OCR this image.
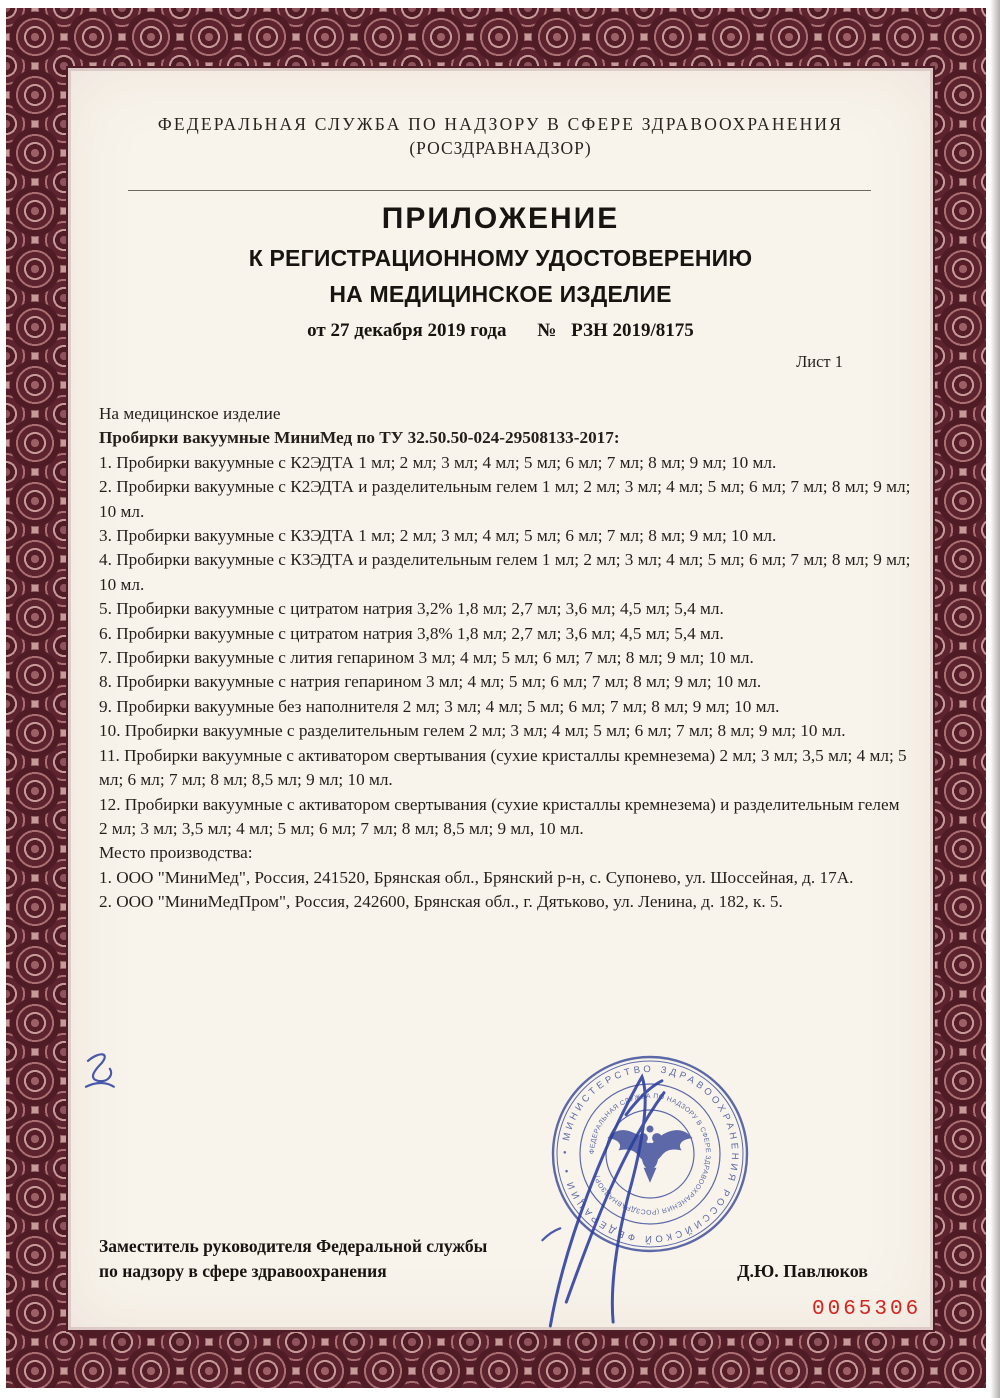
ФЕДЕРАЛЬНАЯ СЛУЖБА ПО НАДЗОРУ В СФЕРЕ ЗДРАВООХРАНЕНИЯ
(РОСЗДРАВНАДЗОР)
ПРИЛОЖЕНИЕ
К РЕГИСТРАЦИОННОМУ УДОСТОВЕРЕНИЮ
НА МЕДИЦИНСКОЕ ИЗДЕЛИЕ
от 27 декабря 2019 года № РЗН 2019/8175
Лист 1

На медицинское изделие

Пробирки вакуумные МиниМед по ТУ 32.50.50-024-29508133-2017:

1. Пробирки вакуумные с К2ЭДТА 1 мл; 2 мл; 3 мл; 4 мл; 5 мл; 6 мл; 7 мл; 8 мл; 9 мл; 10 мл.

2. Пробирки вакуумные с К2ЭДТА и разделительным гелем 1 мл; 2 мл; 3 мл; 4 мл; 5 мл; 6 мл; 7 мл; 8 мл; 9 мл; 10 мл.

3. Пробирки вакуумные с КЗЭДТА 1 мл; 2 мл; 3 мл; 4 мл; 5 мл; 6 мл; 7 мл; 8 мл; 9 мл; 10 мл.

4. Пробирки вакуумные с КЗЭДТА и разделительным гелем 1 мл; 2 мл; 3 мл; 4 мл; 5 мл; 6 мл; 7 мл; 8 мл; 9 мл; 10 мл.

5. Пробирки вакуумные с цитратом натрия 3,2% 1,8 мл; 2,7 мл; 3,6 мл; 4,5 мл; 5,4 мл.

6. Пробирки вакуумные с цитратом натрия 3,8% 1,8 мл; 2,7 мл; 3,6 мл; 4,5 мл; 5,4 мл.

7. Пробирки вакуумные с лития гепарином 3 мл; 4 мл; 5 мл; 6 мл; 7 мл; 8 мл; 9 мл; 10 мл.

8. Пробирки вакуумные с натрия гепарином 3 мл; 4 мл; 5 мл; 6 мл; 7 мл; 8 мл; 9 мл; 10 мл.

9. Пробирки вакуумные без наполнителя 2 мл; 3 мл; 4 мл; 5 мл; 6 мл; 7 мл; 8 мл; 9 мл; 10 мл.

10. Пробирки вакуумные с разделительным гелем 2 мл; 3 мл; 4 мл; 5 мл; 6 мл; 7 мл; 8 мл; 9 мл; 10 мл.

11. Пробирки вакуумные с активатором свертывания (сухие кристаллы кремнезема) 2 мл; 3 мл; 3,5 мл; 4 мл; 5 мл; 6 мл; 7 мл; 8 мл; 8,5 мл; 9 мл; 10 мл.

12. Пробирки вакуумные с активатором свертывания (сухие кристаллы кремнезема) и разделительным гелем 2 мл; 3 мл; 3,5 мл; 4 мл; 5 мл; 6 мл; 7 мл; 8 мл; 8,5 мл; 9 мл, 10 мл.

Место производства:

1. ООО "МиниМед", Россия, 241520, Брянская обл., Брянский р-н, с. Супонево, ул. Шоссейная, д. 17А.

2. ООО "МиниМедПром", Россия, 242600, Брянская обл., г. Дятьково, ул. Ленина, д. 182, к. 5.

Заместитель руководителя Федеральной службы
по надзору в сфере здравоохранения	Д.Ю. Павлюков
0065306
• МИНИСТЕРСТВО ЗДРАВООХРАНЕНИЯ РОССИЙСКОЙ ФЕДЕРАЦИИ •
ФЕДЕРАЛЬНАЯ СЛУЖБА ПО НАДЗОРУ В СФЕРЕ ЗДРАВООХРАНЕНИЯ (РОСЗДРАВНАДЗОР)
